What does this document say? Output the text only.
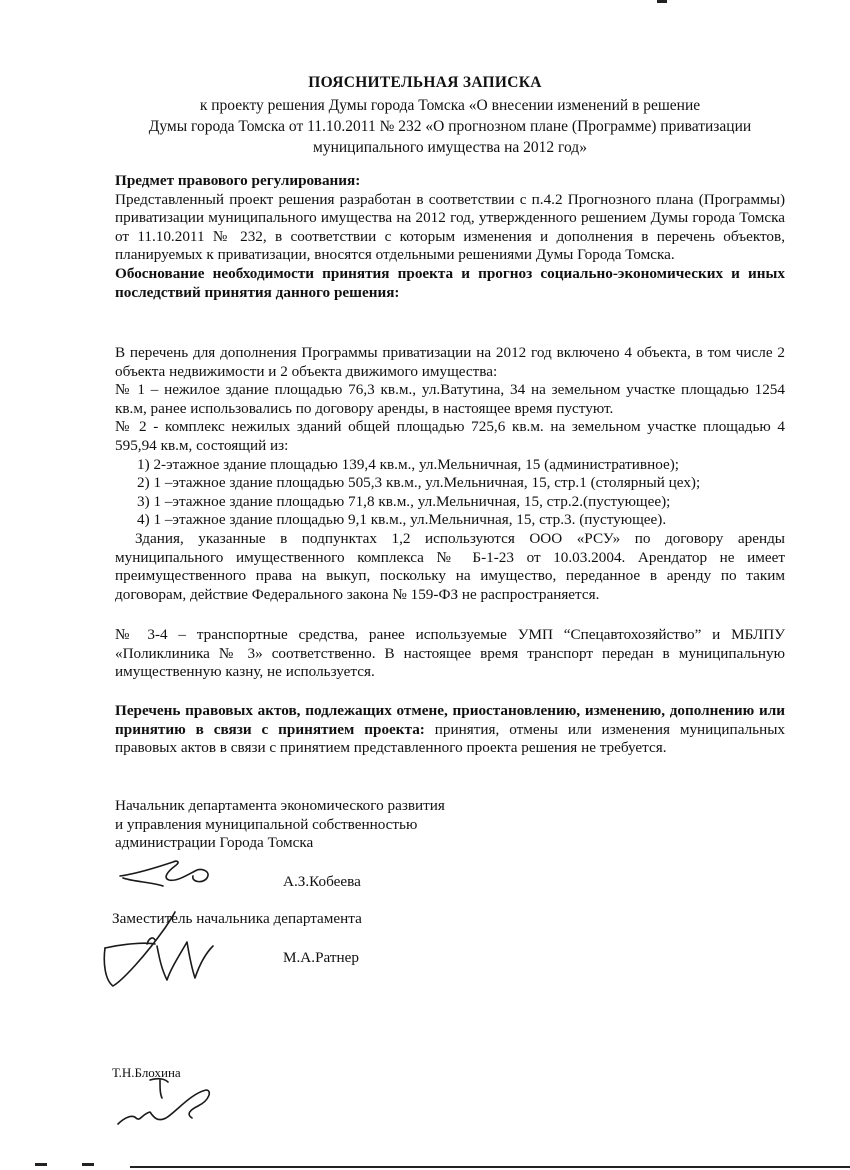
ПОЯСНИТЕЛЬНАЯ ЗАПИСКА
к проекту решения Думы города Томска «О внесении изменений в решение
Думы города Томска от 11.10.2011 № 232 «О прогнозном плане (Программе) приватизации
муниципального имущества на 2012 год»

Предмет правового регулирования:

Представленный проект решения разработан в соответствии с п.4.2 Прогнозного плана (Программы) приватизации муниципального имущества на 2012 год, утвержденного решением Думы города Томска от 11.10.2011 № 232, в соответствии с которым изменения и дополнения в перечень объектов, планируемых к приватизации, вносятся отдельными решениями Думы Города Томска.

Обоснование необходимости принятия проекта и прогноз социально-экономических и иных последствий принятия данного решения:

В перечень для дополнения Программы приватизации на 2012 год включено 4 объекта, в том числе 2 объекта недвижимости и 2 объекта движимого имущества:

№ 1 – нежилое здание площадью 76,3 кв.м., ул.Ватутина, 34 на земельном участке площадью 1254 кв.м, ранее использовались по договору аренды, в настоящее время пустуют.

№ 2 - комплекс нежилых зданий общей площадью 725,6 кв.м. на земельном участке площадью 4 595,94 кв.м, состоящий из:

1) 2-этажное здание площадью 139,4 кв.м., ул.Мельничная, 15 (административное);
2) 1 –этажное здание площадью 505,3 кв.м., ул.Мельничная, 15, стр.1 (столярный цех);
3) 1 –этажное здание площадью 71,8 кв.м., ул.Мельничная, 15, стр.2.(пустующее);
4) 1 –этажное здание площадью 9,1 кв.м., ул.Мельничная, 15, стр.3. (пустующее).

Здания, указанные в подпунктах 1,2 используются ООО «РСУ» по договору аренды муниципального имущественного комплекса № Б-1-23 от 10.03.2004. Арендатор не имеет преимущественного права на выкуп, поскольку на имущество, переданное в аренду по таким договорам, действие Федерального закона № 159-ФЗ не распространяется.

№ 3-4 – транспортные средства, ранее используемые УМП “Спецавтохозяйство” и МБЛПУ «Поликлиника № 3» соответственно. В настоящее время транспорт передан в муниципальную имущественную казну, не используется.

Перечень правовых актов, подлежащих отмене, приостановлению, изменению, дополнению или принятию в связи с принятием проекта: принятия, отмены или изменения муниципальных правовых актов в связи с принятием представленного проекта решения не требуется.

Начальник департамента экономического развития
и управления муниципальной собственностью
администрации Города Томска
А.З.Кобеева
Заместитель начальника департамента
М.А.Ратнер
Т.Н.Блохина
